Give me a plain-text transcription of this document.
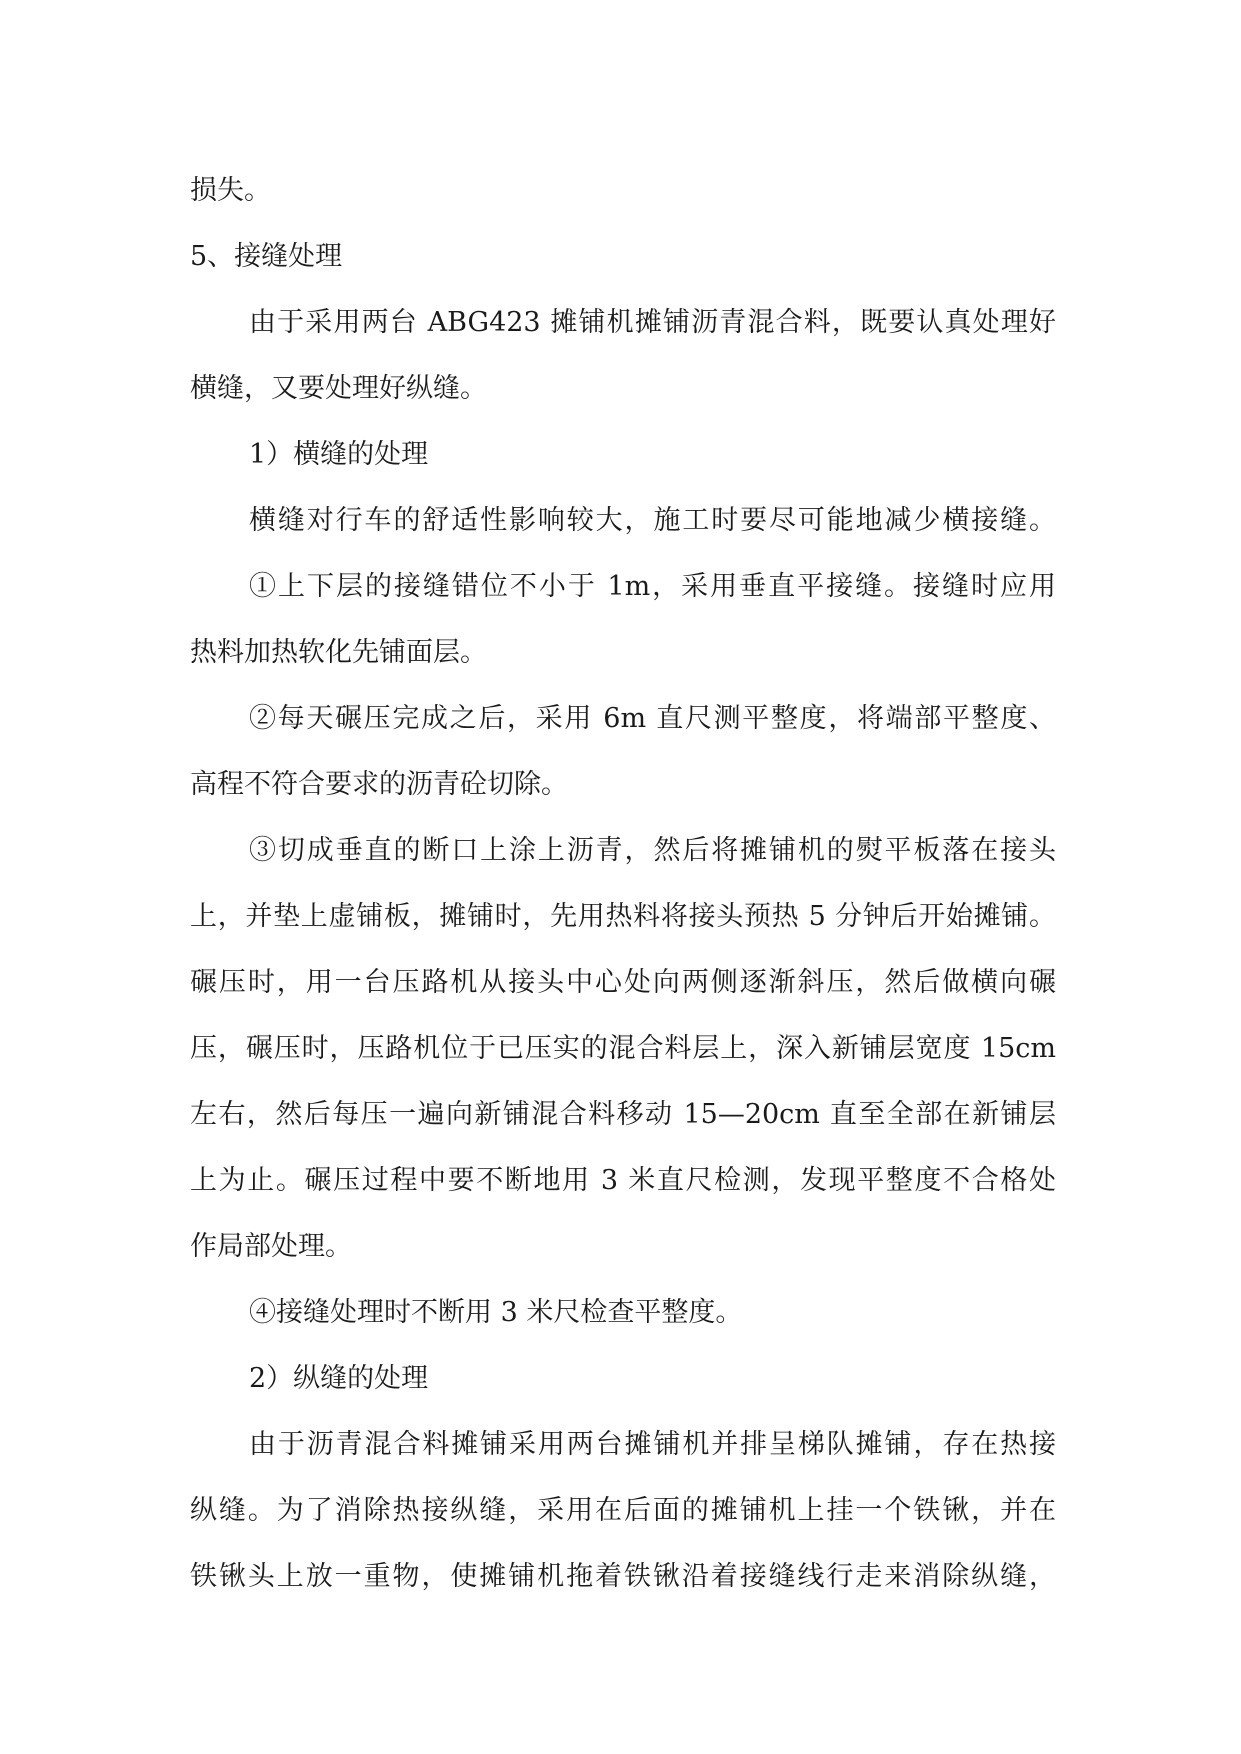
损失。
5、接缝处理
由于采用两台 ABG423 摊铺机摊铺沥青混合料，既要认真处理好
横缝，又要处理好纵缝。
1）横缝的处理
横缝对行车的舒适性影响较大，施工时要尽可能地减少横接缝。
①上下层的接缝错位不小于 1m，采用垂直平接缝。接缝时应用
热料加热软化先铺面层。
②每天碾压完成之后，采用 6m 直尺测平整度，将端部平整度、
高程不符合要求的沥青砼切除。
③切成垂直的断口上涂上沥青，然后将摊铺机的熨平板落在接头
上，并垫上虚铺板，摊铺时，先用热料将接头预热 5 分钟后开始摊铺。
碾压时，用一台压路机从接头中心处向两侧逐渐斜压，然后做横向碾
压，碾压时，压路机位于已压实的混合料层上，深入新铺层宽度 15cm
左右，然后每压一遍向新铺混合料移动 15—20cm 直至全部在新铺层
上为止。碾压过程中要不断地用 3 米直尺检测，发现平整度不合格处
作局部处理。
④接缝处理时不断用 3 米尺检查平整度。
2）纵缝的处理
由于沥青混合料摊铺采用两台摊铺机并排呈梯队摊铺，存在热接
纵缝。为了消除热接纵缝，采用在后面的摊铺机上挂一个铁锹，并在
铁锹头上放一重物，使摊铺机拖着铁锹沿着接缝线行走来消除纵缝，
